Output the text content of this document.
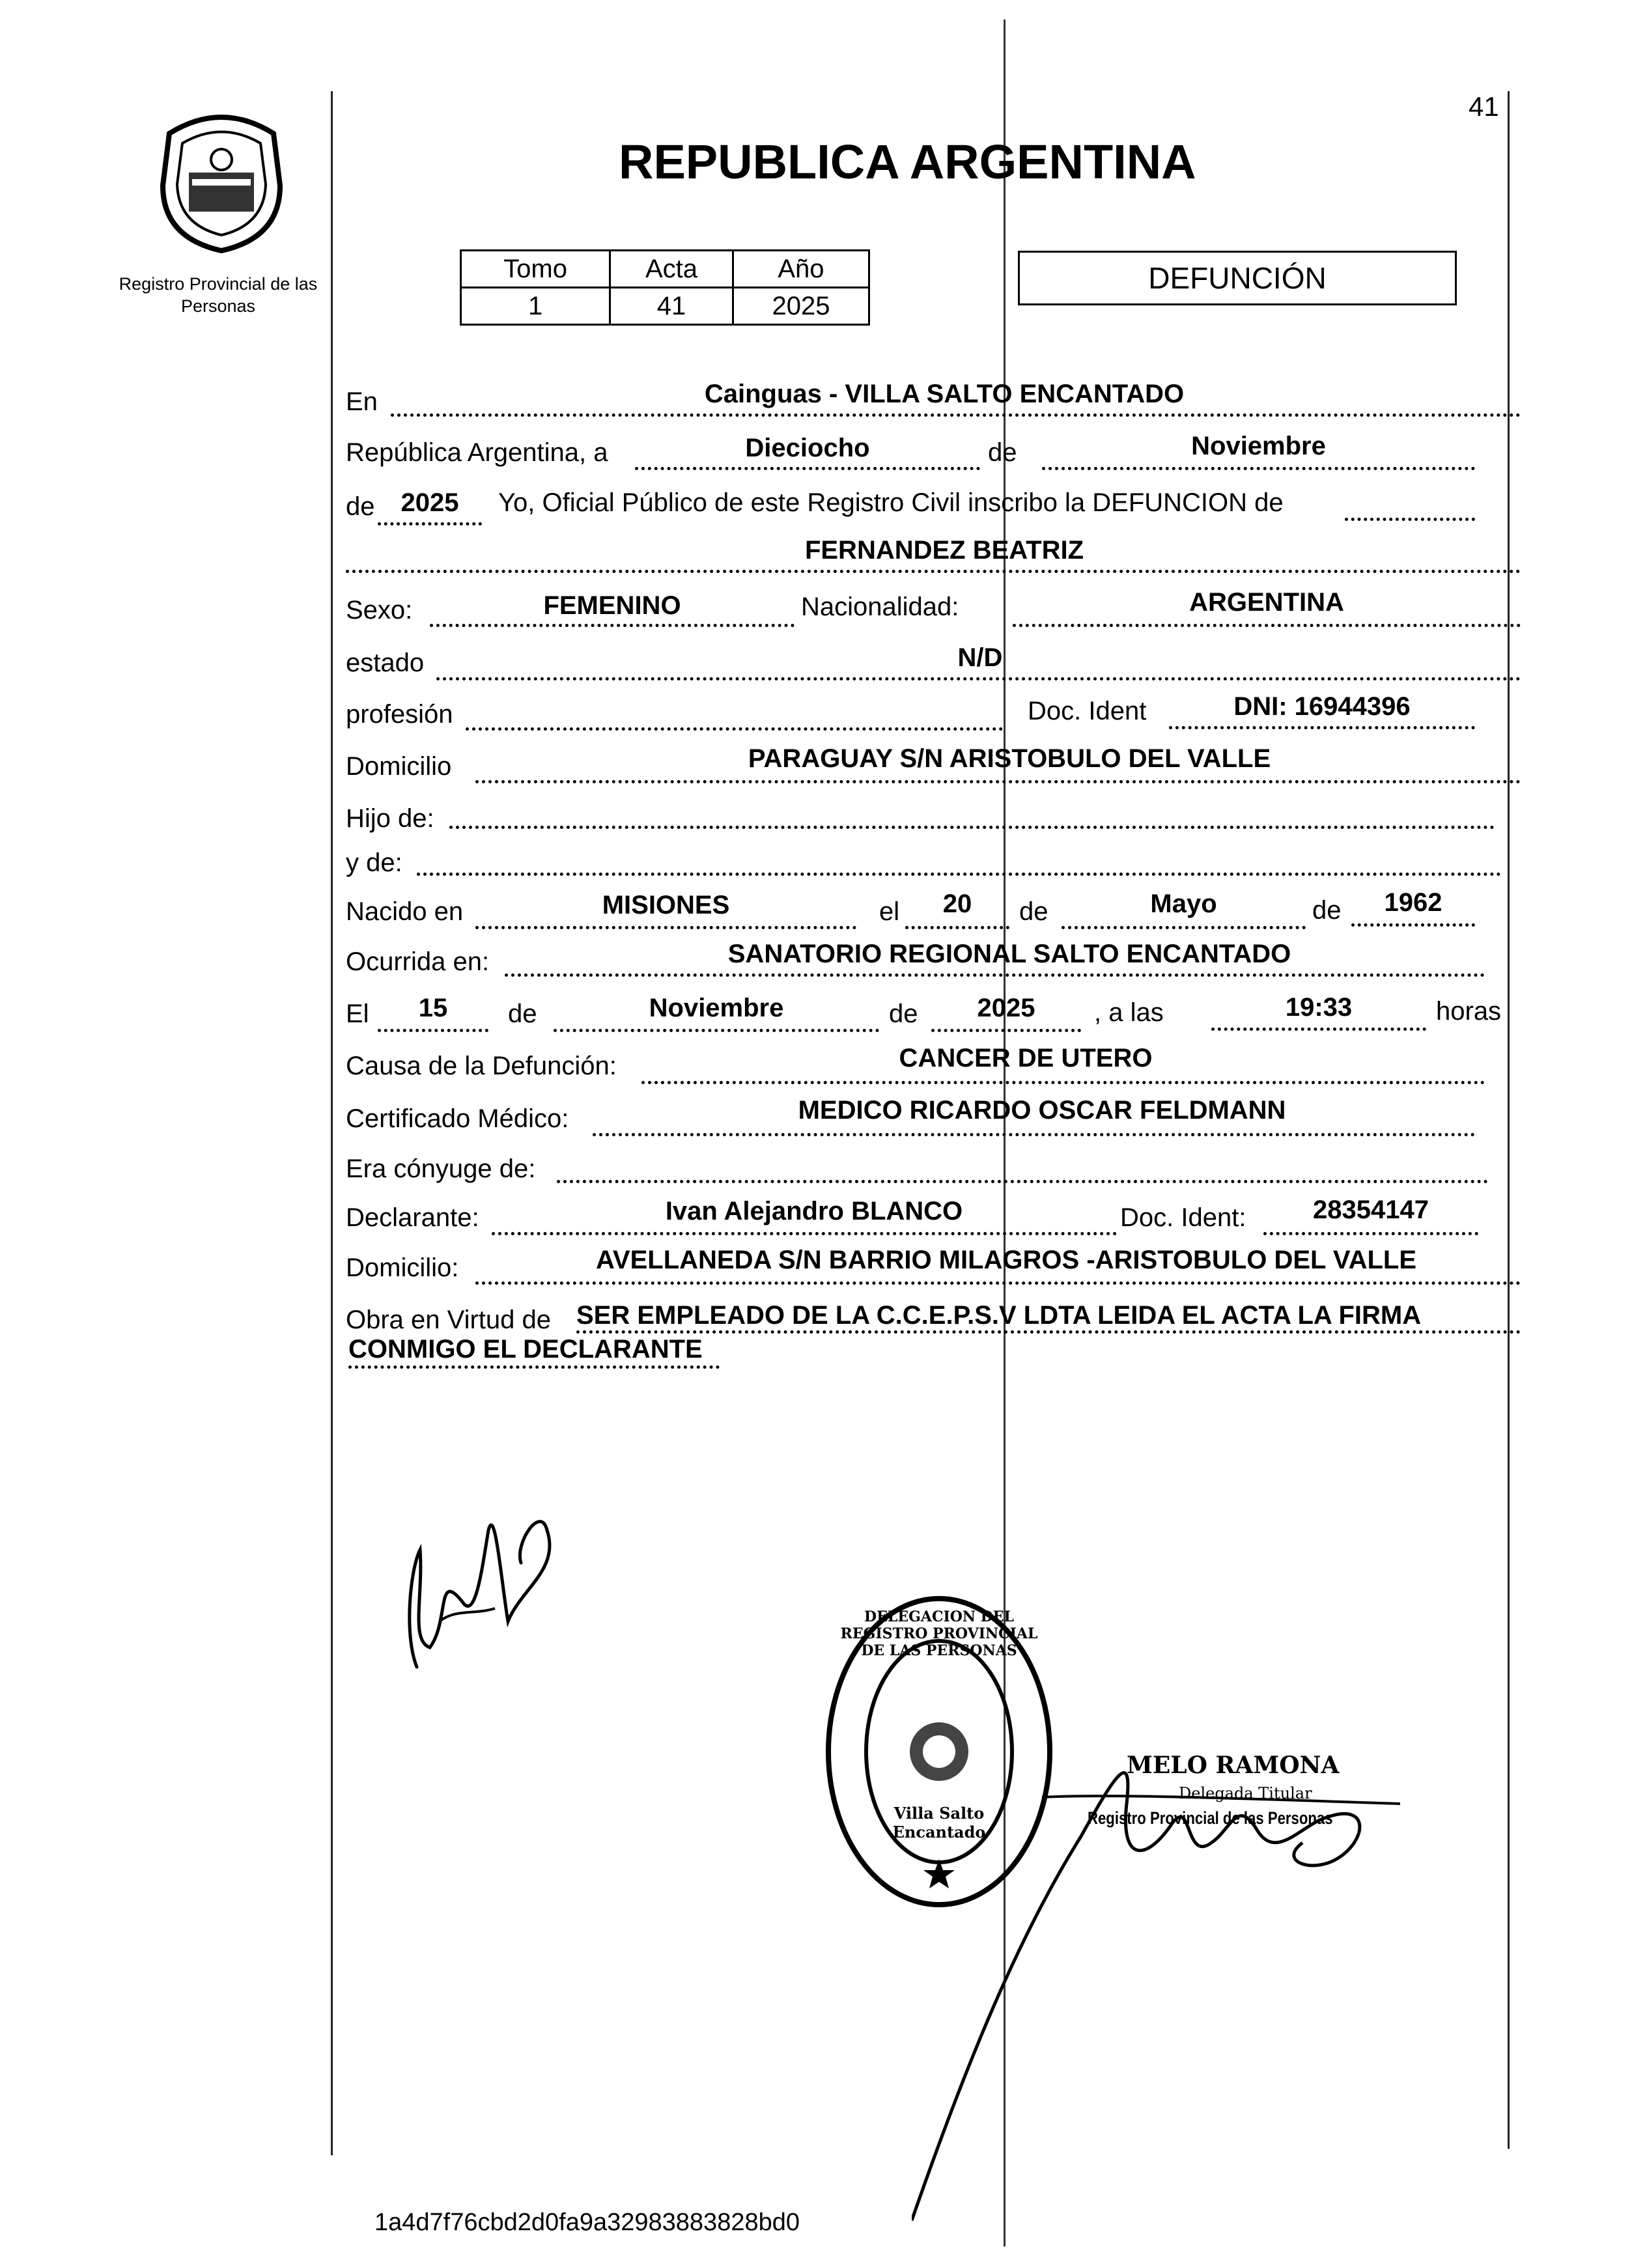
Registro Provincial de las Personas
41
REPUBLICA ARGENTINA
Tomo	Acta	Año
1	41	2025
DEFUNCIÓN
En	Cainguas - VILLA SALTO ENCANTADO
República Argentina, a	Dieciocho	de	Noviembre
de	2025	Yo, Oficial Público de este Registro Civil inscribo la DEFUNCION de
FERNANDEZ BEATRIZ
Sexo:	FEMENINO	Nacionalidad:	ARGENTINA
estado	N/D
profesión	Doc. Ident	DNI: 16944396
Domicilio	PARAGUAY S/N ARISTOBULO DEL VALLE
Hijo de:
y de:
Nacido en	MISIONES	el	20	de	Mayo	de	1962
Ocurrida en:	SANATORIO REGIONAL SALTO ENCANTADO
El	15	de	Noviembre	de	2025	, a las	19:33	horas
Causa de la Defunción:	CANCER DE UTERO
Certificado Médico:	MEDICO RICARDO OSCAR FELDMANN
Era cónyuge de:
Declarante:	Ivan Alejandro BLANCO	Doc. Ident:	28354147
Domicilio:	AVELLANEDA S/N BARRIO MILAGROS -ARISTOBULO DEL VALLE
Obra en Virtud de SER EMPLEADO DE LA C.C.E.P.S.V LDTA LEIDA EL ACTA LA FIRMA
CONMIGO EL DECLARANTE
DELEGACION DEL REGISTRO PROVINCIAL DE LAS PERSONAS
Villa Salto Encantado
MELO RAMONA
Delegada Titular
Registro Provincial de las Personas
1a4d7f76cbd2d0fa9a32983883828bd0
